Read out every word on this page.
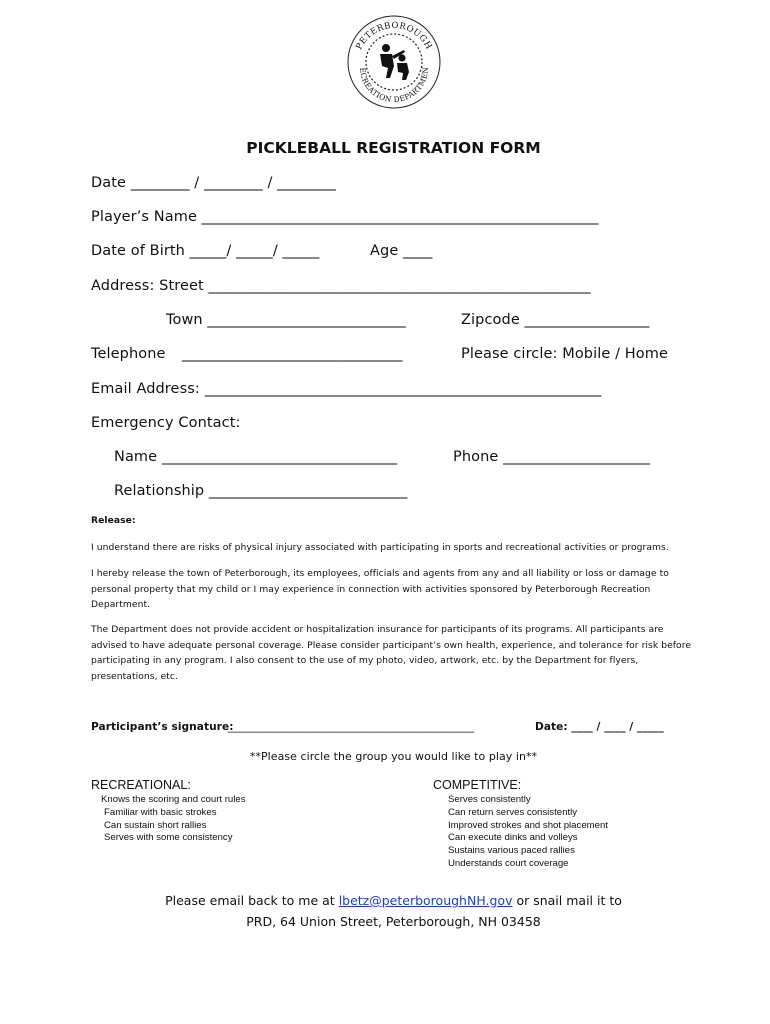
PETERBOROUGH
ECREATION DEPARTMEN
PICKLEBALL REGISTRATION FORM
Date ________ / ________ / ________
Player’s Name ______________________________________________________
Date of Birth _____/ _____/ _____	Age ____
Address: Street ____________________________________________________
Town ___________________________	Zipcode _________________
Telephone ______________________________	Please circle: Mobile / Home
Email Address: ______________________________________________________
Emergency Contact:
Name ________________________________	Phone ____________________
Relationship ___________________________
Release:
I understand there are risks of physical injury associated with participating in sports and recreational activities or programs.
I hereby release the town of Peterborough, its employees, officials and agents from any and all liability or loss or damage to
personal property that my child or I may experience in connection with activities sponsored by Peterborough Recreation
Department.
The Department does not provide accident or hospitalization insurance for participants of its programs. All participants are
advised to have adequate personal coverage. Please consider participant’s own health, experience, and tolerance for risk before
participating in any program. I also consent to the use of my photo, video, artwork, etc. by the Department for flyers,
presentations, etc.
Participant’s signature:
______________________________________________	Date: ____ / ____ / _____
**Please circle the group you would like to play in**
RECREATIONAL:
Knows the scoring and court rules
Familiar with basic strokes
Can sustain short rallies
Serves with some consistency
COMPETITIVE:
Serves consistently
Can return serves consistently
Improved strokes and shot placement
Can execute dinks and volleys
Sustains various paced rallies
Understands court coverage
Please email back to me at lbetz@peterboroughNH.gov or snail mail it to
PRD, 64 Union Street, Peterborough, NH 03458
